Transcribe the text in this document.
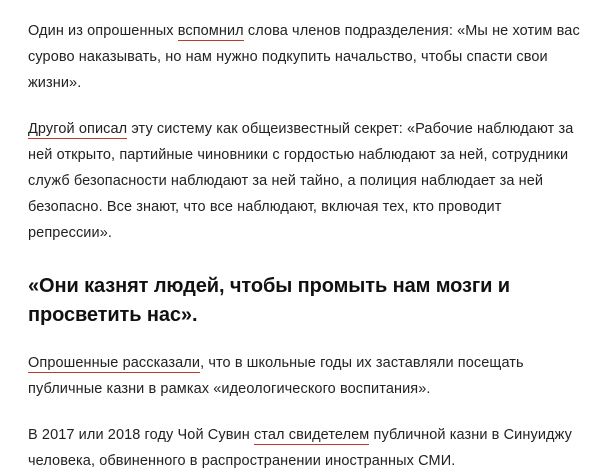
Один из опрошенных вспомнил слова членов подразделения: «Мы не хотим вас сурово наказывать, но нам нужно подкупить начальство, чтобы спасти свои жизни».

Другой описал эту систему как общеизвестный секрет: «Рабочие наблюдают за ней открыто, партийные чиновники с гордостью наблюдают за ней, сотрудники служб безопасности наблюдают за ней тайно, а полиция наблюдает за ней безопасно. Все знают, что все наблюдают, включая тех, кто проводит репрессии».

«Они казнят людей, чтобы промыть нам мозги и просветить нас».

Опрошенные рассказали, что в школьные годы их заставляли посещать публичные казни в рамках «идеологического воспитания».

В 2017 или 2018 году Чой Сувин стал свидетелем публичной казни в Синуиджу человека, обвиненного в распространении иностранных СМИ.
